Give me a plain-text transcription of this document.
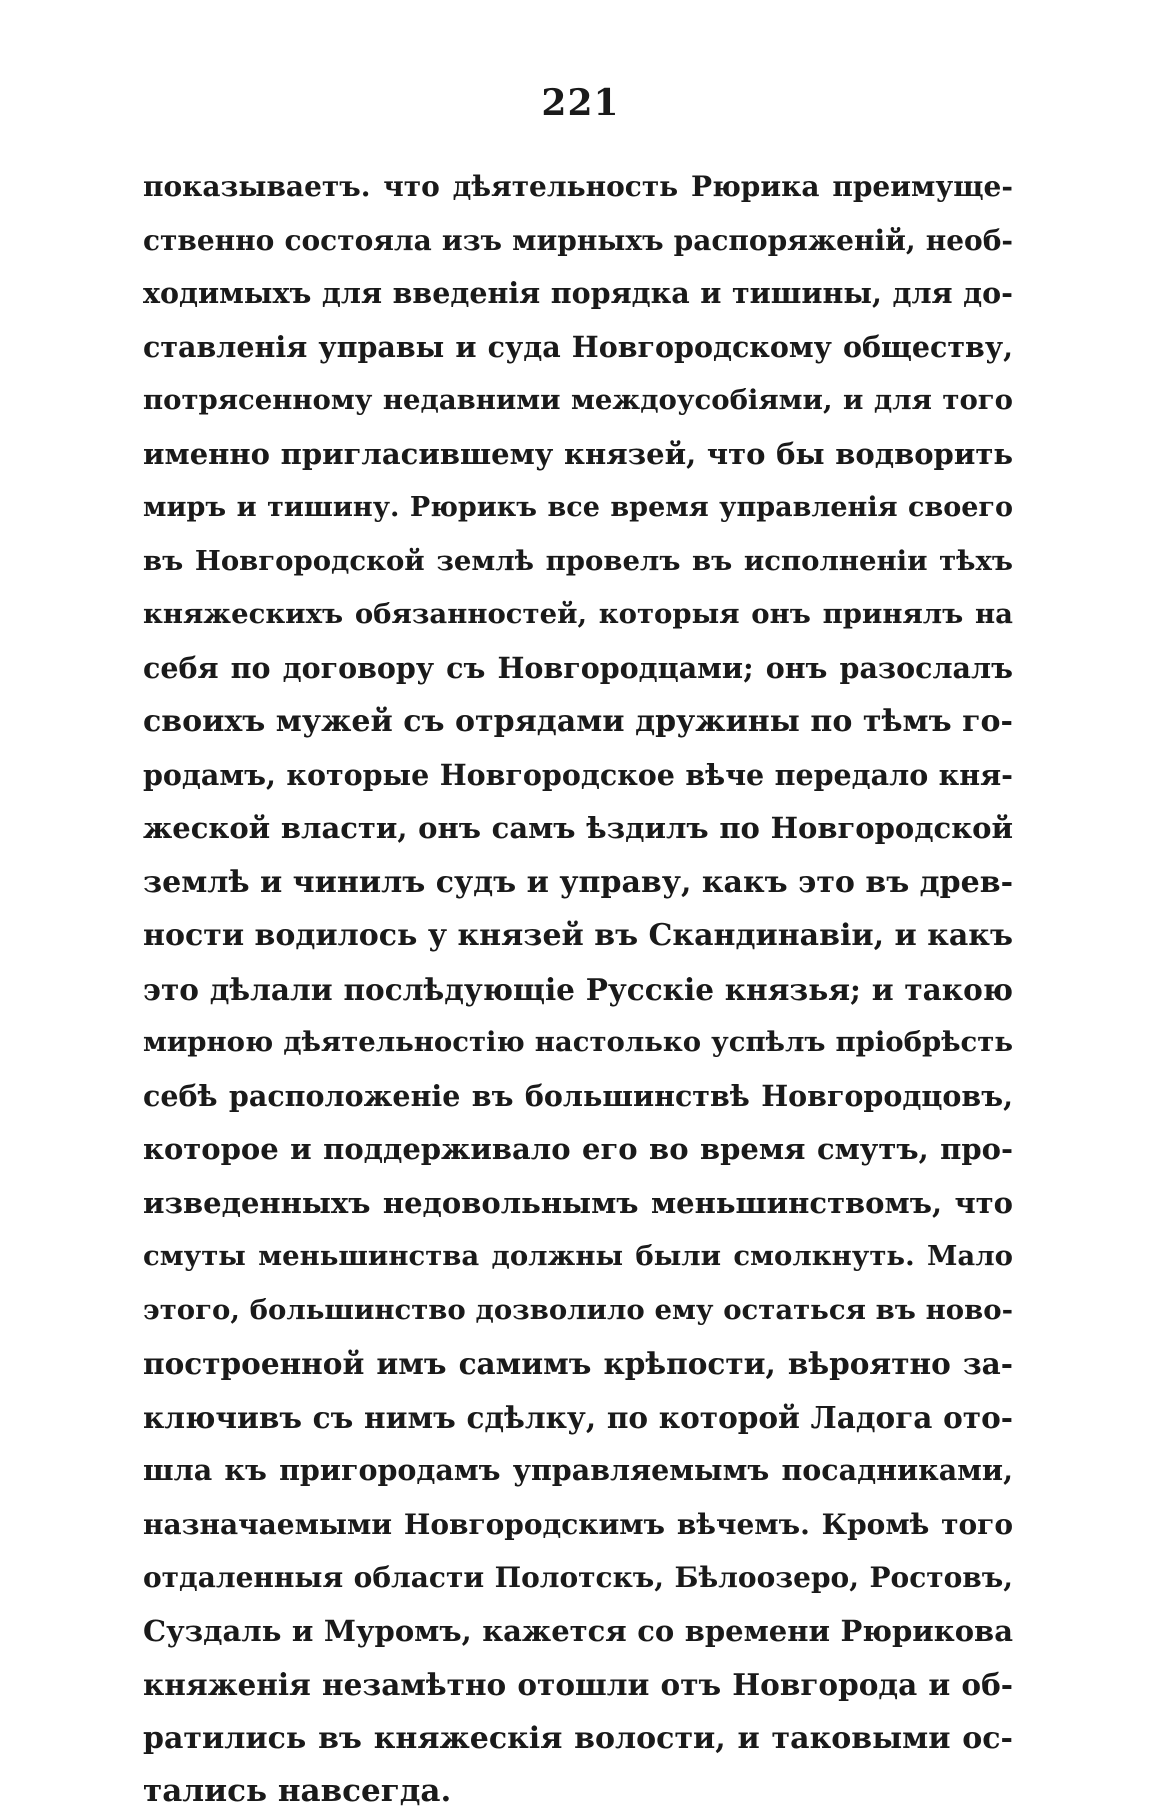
221
показываетъ. что дѣятельность Рюрика преимуще-
ственно состояла изъ мирныхъ распоряженій, необ-
ходимыхъ для введенія порядка и тишины, для до-
ставленія управы и суда Новгородскому обществу,
потрясенному недавними междоусобіями, и для того
именно пригласившему князей, что бы водворить
миръ и тишину. Рюрикъ все время управленія своего
въ Новгородской землѣ провелъ въ исполненіи тѣхъ
княжескихъ обязанностей, которыя онъ принялъ на
себя по договору съ Новгородцами; онъ разослалъ
своихъ мужей съ отрядами дружины по тѣмъ го-
родамъ, которые Новгородское вѣче передало кня-
жеской власти, онъ самъ ѣздилъ по Новгородской
землѣ и чинилъ судъ и управу, какъ это въ древ-
ности водилось у князей въ Скандинавіи, и какъ
это дѣлали послѣдующіе Русскіе князья; и такою
мирною дѣятельностію настолько успѣлъ пріобрѣсть
себѣ расположеніе въ большинствѣ Новгородцовъ,
которое и поддерживало его во время смутъ, про-
изведенныхъ недовольнымъ меньшинствомъ, что
смуты меньшинства должны были смолкнуть. Мало
этого, большинство дозволило ему остаться въ ново-
построенной имъ самимъ крѣпости, вѣроятно за-
ключивъ съ нимъ сдѣлку, по которой Ладога ото-
шла къ пригородамъ управляемымъ посадниками,
назначаемыми Новгородскимъ вѣчемъ. Кромѣ того
отдаленныя области Полотскъ, Бѣлоозеро, Ростовъ,
Суздаль и Муромъ, кажется со времени Рюрикова
княженія незамѣтно отошли отъ Новгорода и об-
ратились въ княжескія волости, и таковыми ос-
тались навсегда.
